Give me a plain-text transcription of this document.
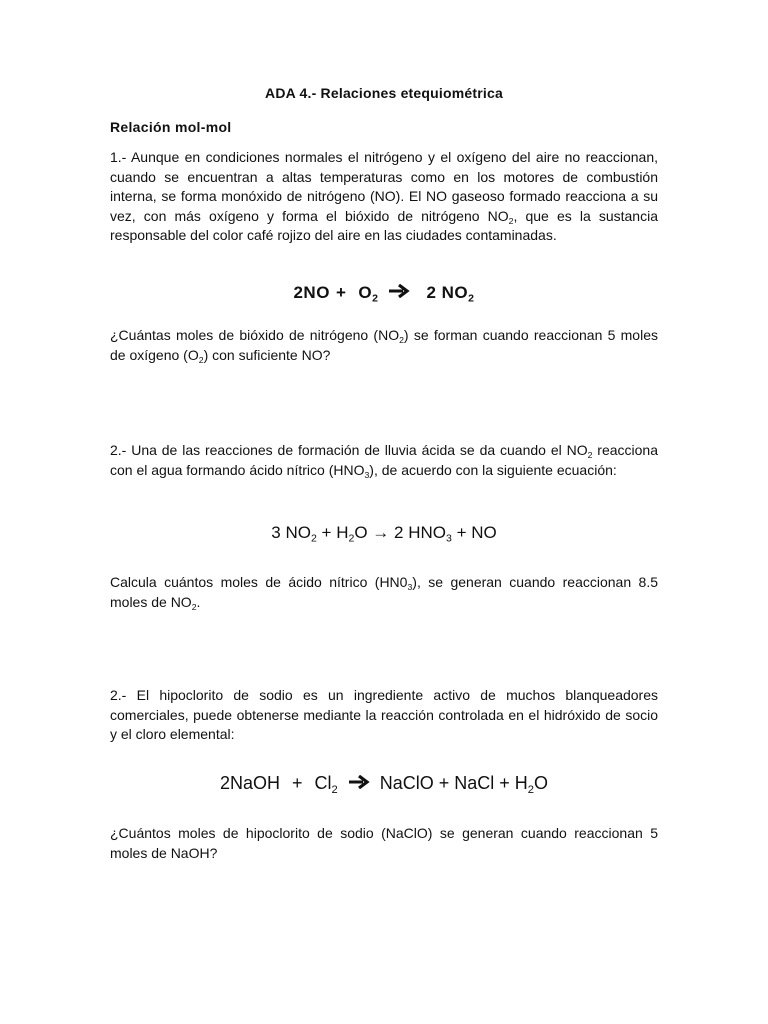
ADA 4.- Relaciones etequiométrica
Relación mol-mol
1.- Aunque en condiciones normales el nitrógeno y el oxígeno del aire no reaccionan, cuando se encuentran a altas temperaturas como en los motores de combustión interna, se forma monóxido de nitrógeno (NO). El NO gaseoso formado reacciona a su vez, con más oxígeno y forma el bióxido de nitrógeno $NO_2$, que es la sustancia responsable del color café rojizo del aire en las ciudades contaminadas.
$2NO + O_2 \to 2$ $NO_2$
¿Cuántas moles de bióxido de nitrógeno $(NO_2)$ se forman cuando reaccionan 5 moles de oxígeno $(O_2)$ con suficiente NO?
2.- Una de las reacciones de formación de lluvia ácida se da cuando el $NO_2$ reacciona con el agua formando ácido nítrico $(HNO_3)$, de acuerdo con la siguiente ecuación:
3 $NO_2 + H_2O \to 2$ $HNO_3$ + NO
Calcula cuántos moles de ácido nítrico $(HN0_3)$, se generan cuando reaccionan 8.5 moles de $NO_2$.
2.- El hipoclorito de sodio es un ingrediente activo de muchos blanqueadores comerciales, puede obtenerse mediante la reacción controlada en el hidróxido de socio y el cloro elemental:
2NaOH + $Cl_2$ → NaClO + NaCl + $H_2O$
¿Cuántos moles de hipoclorito de sodio (NaClO) se generan cuando reaccionan 5 moles de NaOH?
